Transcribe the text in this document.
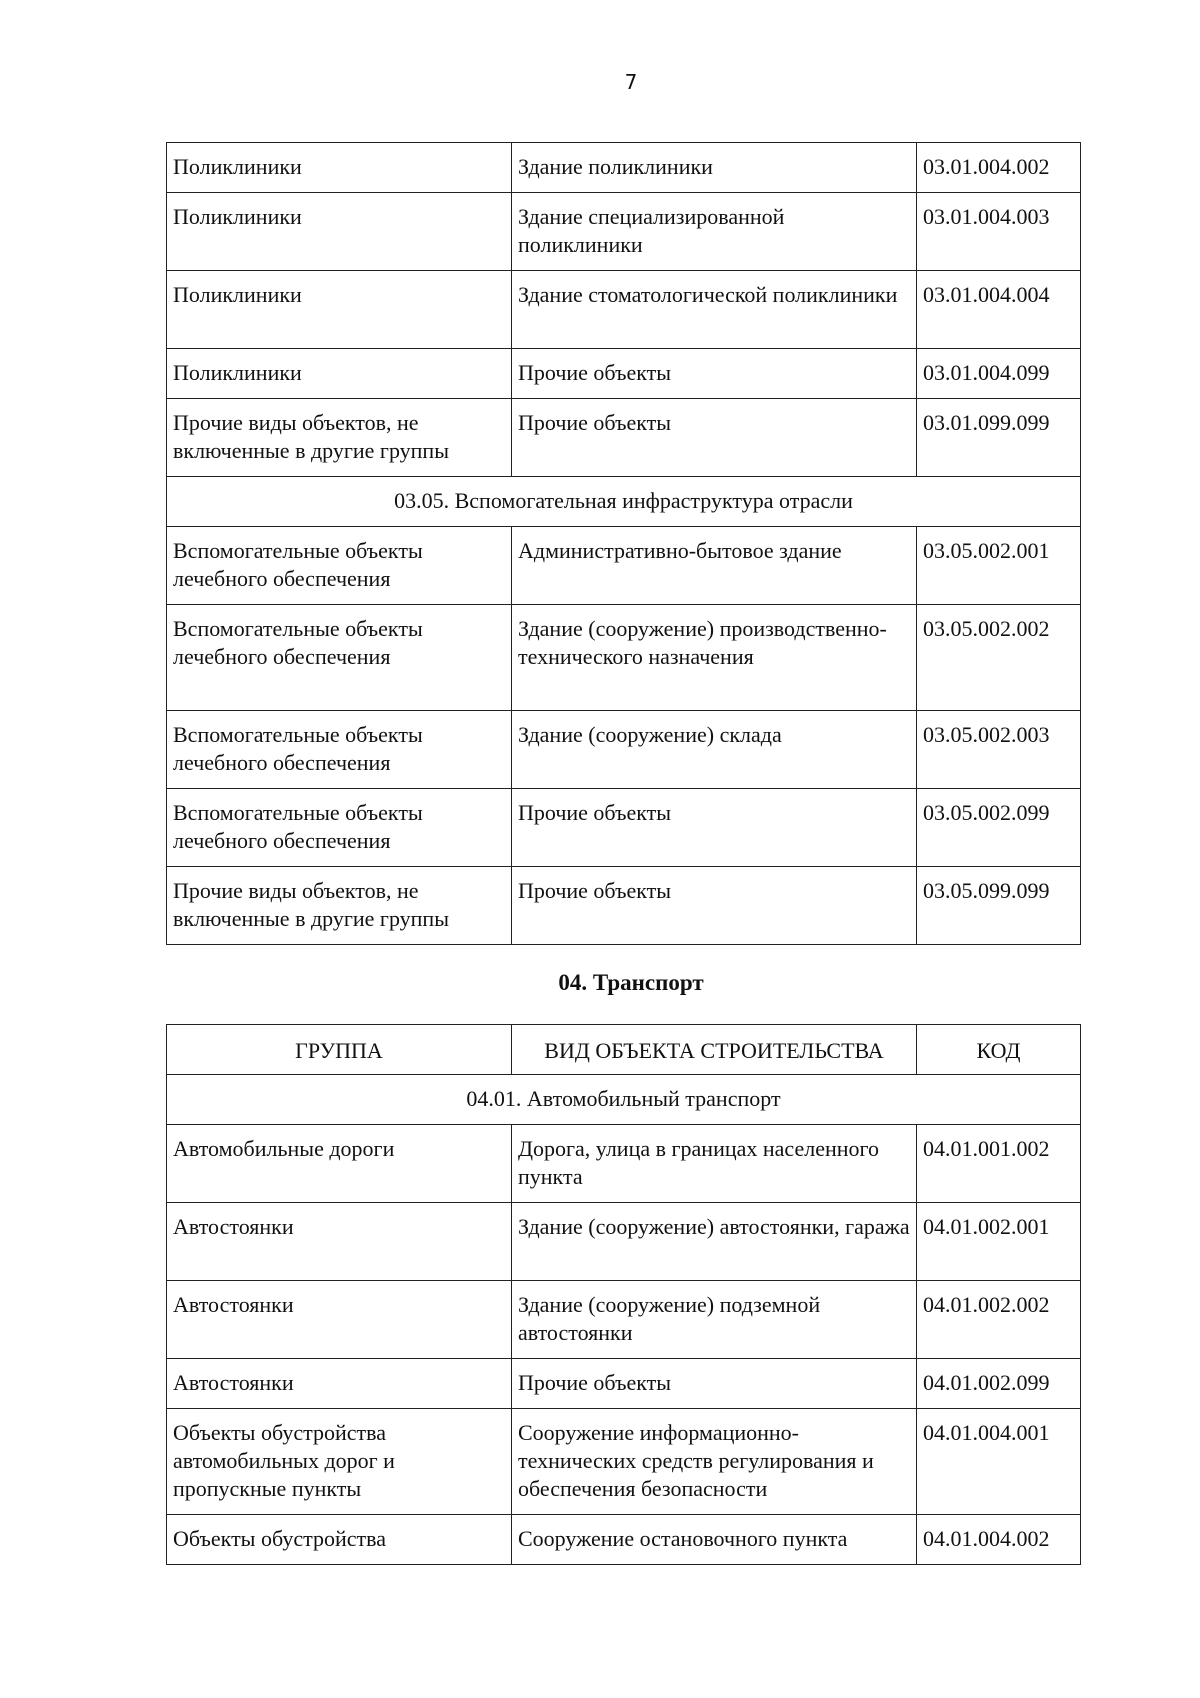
7
Поликлиники	Здание поликлиники	03.01.004.002
Поликлиники	Здание специализированной поликлиники	03.01.004.003
Поликлиники	Здание стоматологической поликлиники	03.01.004.004
Поликлиники	Прочие объекты	03.01.004.099
Прочие виды объектов, не включенные в другие группы	Прочие объекты	03.01.099.099
03.05. Вспомогательная инфраструктура отрасли		
Вспомогательные объекты лечебного обеспечения	Административно-бытовое здание	03.05.002.001
Вспомогательные объекты лечебного обеспечения	Здание (сооружение) производственно-технического назначения	03.05.002.002
Вспомогательные объекты лечебного обеспечения	Здание (сооружение) склада	03.05.002.003
Вспомогательные объекты лечебного обеспечения	Прочие объекты	03.05.002.099
Прочие виды объектов, не включенные в другие группы	Прочие объекты	03.05.099.099
04. Транспорт
ГРУППА	ВИД ОБЪЕКТА СТРОИТЕЛЬСТВА	КОД
04.01. Автомобильный транспорт		
Автомобильные дороги	Дорога, улица в границах населенного пункта	04.01.001.002
Автостоянки	Здание (сооружение) автостоянки, гаража	04.01.002.001
Автостоянки	Здание (сооружение) подземной автостоянки	04.01.002.002
Автостоянки	Прочие объекты	04.01.002.099
Объекты обустройства автомобильных дорог и пропускные пункты	Сооружение информационно-технических средств регулирования и обеспечения безопасности	04.01.004.001
Объекты обустройства	Сооружение остановочного пункта	04.01.004.002
